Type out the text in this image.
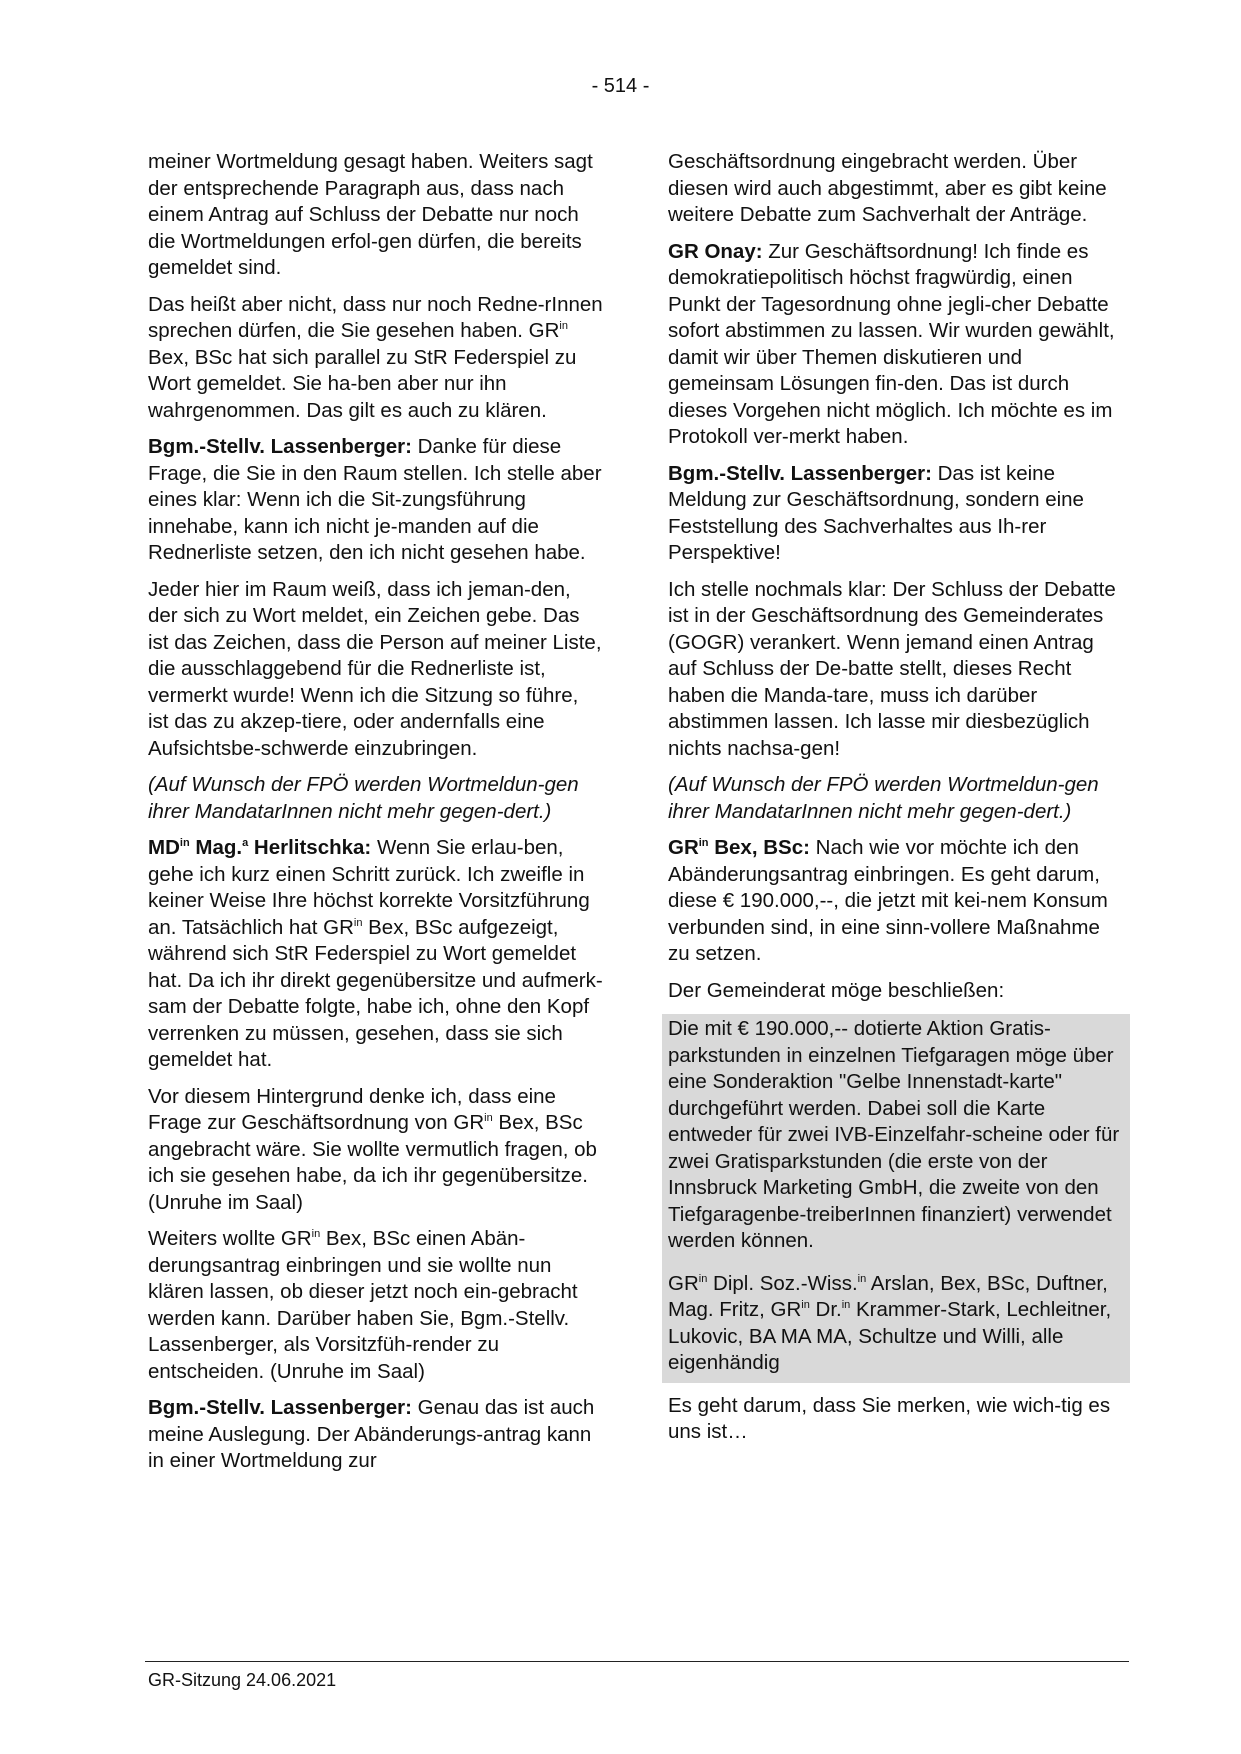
- 514 -

meiner Wortmeldung gesagt haben. Weiters sagt der entsprechende Paragraph aus, dass nach einem Antrag auf Schluss der Debatte nur noch die Wortmeldungen erfol-gen dürfen, die bereits gemeldet sind.

Das heißt aber nicht, dass nur noch Redne-rInnen sprechen dürfen, die Sie gesehen haben. $GR^{in}$ Bex, BSc hat sich parallel zu StR Federspiel zu Wort gemeldet. Sie ha-ben aber nur ihn wahrgenommen. Das gilt es auch zu klären.

Bgm.-Stellv. Lassenberger: Danke für diese Frage, die Sie in den Raum stellen. Ich stelle aber eines klar: Wenn ich die Sit-zungsführung innehabe, kann ich nicht je-manden auf die Rednerliste setzen, den ich nicht gesehen habe.

Jeder hier im Raum weiß, dass ich jeman-den, der sich zu Wort meldet, ein Zeichen gebe. Das ist das Zeichen, dass die Person auf meiner Liste, die ausschlaggebend für die Rednerliste ist, vermerkt wurde! Wenn ich die Sitzung so führe, ist das zu akzep-tiere, oder andernfalls eine Aufsichtsbe-schwerde einzubringen.

(Auf Wunsch der FPÖ werden Wortmeldun-gen ihrer MandatarInnen nicht mehr gegen-dert.)

$MD^{in}$ Mag.$^a$ Herlitschka: Wenn Sie erlau-ben, gehe ich kurz einen Schritt zurück. Ich zweifle in keiner Weise Ihre höchst korrekte Vorsitzführung an. Tatsächlich hat $GR^{in}$ Bex, BSc aufgezeigt, während sich StR Federspiel zu Wort gemeldet hat. Da ich ihr direkt gegenübersitze und aufmerk-sam der Debatte folgte, habe ich, ohne den Kopf verrenken zu müssen, gesehen, dass sie sich gemeldet hat.

Vor diesem Hintergrund denke ich, dass eine Frage zur Geschäftsordnung von $GR^{in}$ Bex, BSc angebracht wäre. Sie wollte vermutlich fragen, ob ich sie gesehen habe, da ich ihr gegenübersitze. (Unruhe im Saal)

Weiters wollte $GR^{in}$ Bex, BSc einen Abän-derungsantrag einbringen und sie wollte nun klären lassen, ob dieser jetzt noch ein-gebracht werden kann. Darüber haben Sie, Bgm.-Stellv. Lassenberger, als Vorsitzfüh-render zu entscheiden. (Unruhe im Saal)

Bgm.-Stellv. Lassenberger: Genau das ist auch meine Auslegung. Der Abänderungs-antrag kann in einer Wortmeldung zur

Geschäftsordnung eingebracht werden. Über diesen wird auch abgestimmt, aber es gibt keine weitere Debatte zum Sachverhalt der Anträge.

GR Onay: Zur Geschäftsordnung! Ich finde es demokratiepolitisch höchst fragwürdig, einen Punkt der Tagesordnung ohne jegli-cher Debatte sofort abstimmen zu lassen. Wir wurden gewählt, damit wir über Themen diskutieren und gemeinsam Lösungen fin-den. Das ist durch dieses Vorgehen nicht möglich. Ich möchte es im Protokoll ver-merkt haben.

Bgm.-Stellv. Lassenberger: Das ist keine Meldung zur Geschäftsordnung, sondern eine Feststellung des Sachverhaltes aus Ih-rer Perspektive!

Ich stelle nochmals klar: Der Schluss der Debatte ist in der Geschäftsordnung des Gemeinderates (GOGR) verankert. Wenn jemand einen Antrag auf Schluss der De-batte stellt, dieses Recht haben die Manda-tare, muss ich darüber abstimmen lassen. Ich lasse mir diesbezüglich nichts nachsa-gen!

(Auf Wunsch der FPÖ werden Wortmeldun-gen ihrer MandatarInnen nicht mehr gegen-dert.)

$GR^{in}$ Bex, BSc: Nach wie vor möchte ich den Abänderungsantrag einbringen. Es geht darum, diese € 190.000,--, die jetzt mit kei-nem Konsum verbunden sind, in eine sinn-vollere Maßnahme zu setzen.

Der Gemeinderat möge beschließen:

Die mit € 190.000,-- dotierte Aktion Gratis-parkstunden in einzelnen Tiefgaragen möge über eine Sonderaktion "Gelbe Innenstadt-karte" durchgeführt werden. Dabei soll die Karte entweder für zwei IVB-Einzelfahr-scheine oder für zwei Gratisparkstunden (die erste von der Innsbruck Marketing GmbH, die zweite von den Tiefgaragenbe-treiberInnen finanziert) verwendet werden können.

$GR^{in}$ Dipl. Soz.-Wiss.$^{in}$ Arslan, Bex, BSc, Duftner, Mag. Fritz, $GR^{in}$ Dr.$^{in}$ Krammer-Stark, Lechleitner, Lukovic, BA MA MA, Schultze und Willi, alle eigenhändig

Es geht darum, dass Sie merken, wie wich-tig es uns ist…

GR-Sitzung 24.06.2021
